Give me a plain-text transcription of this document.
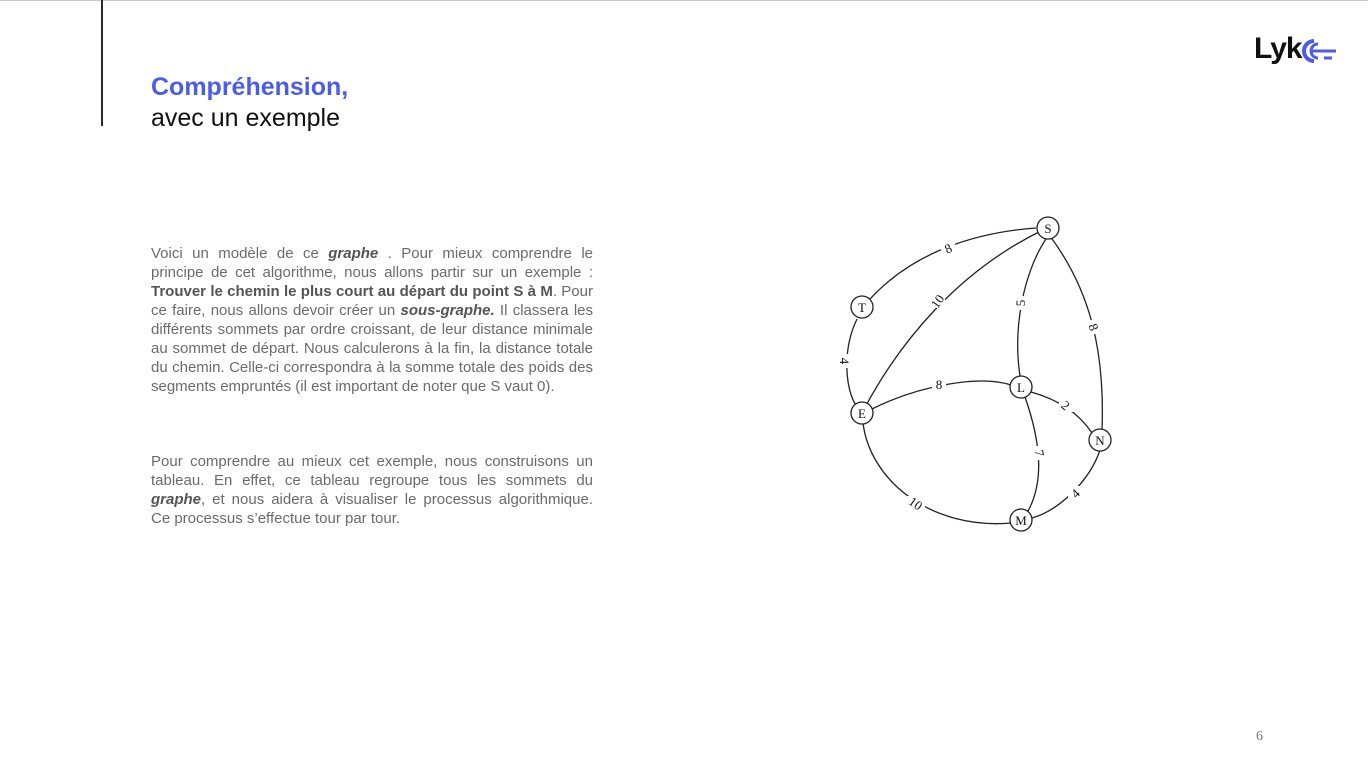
Compréhension,
avec un exemple
Lyk

Voici un modèle de ce graphe . Pour mieux comprendre le principe de cet algorithme, nous allons partir sur un exemple : Trouver le chemin le plus court au départ du point S à M. Pour ce faire, nous allons devoir créer un sous-graphe. Il classera les différents sommets par ordre croissant, de leur distance minimale au sommet de départ. Nous calculerons à la fin, la distance totale du chemin. Celle-ci correspondra à la somme totale des poids des segments empruntés (il est important de noter que S vaut 0).

Pour comprendre au mieux cet exemple, nous construisons un tableau. En effet, ce tableau regroupe tous les sommets du graphe, et nous aidera à visualiser le processus algorithmique. Ce processus s’effectue tour par tour.

8
10	5
8
4
8
2
7
10
4
S
T
E
L
N
M
6
